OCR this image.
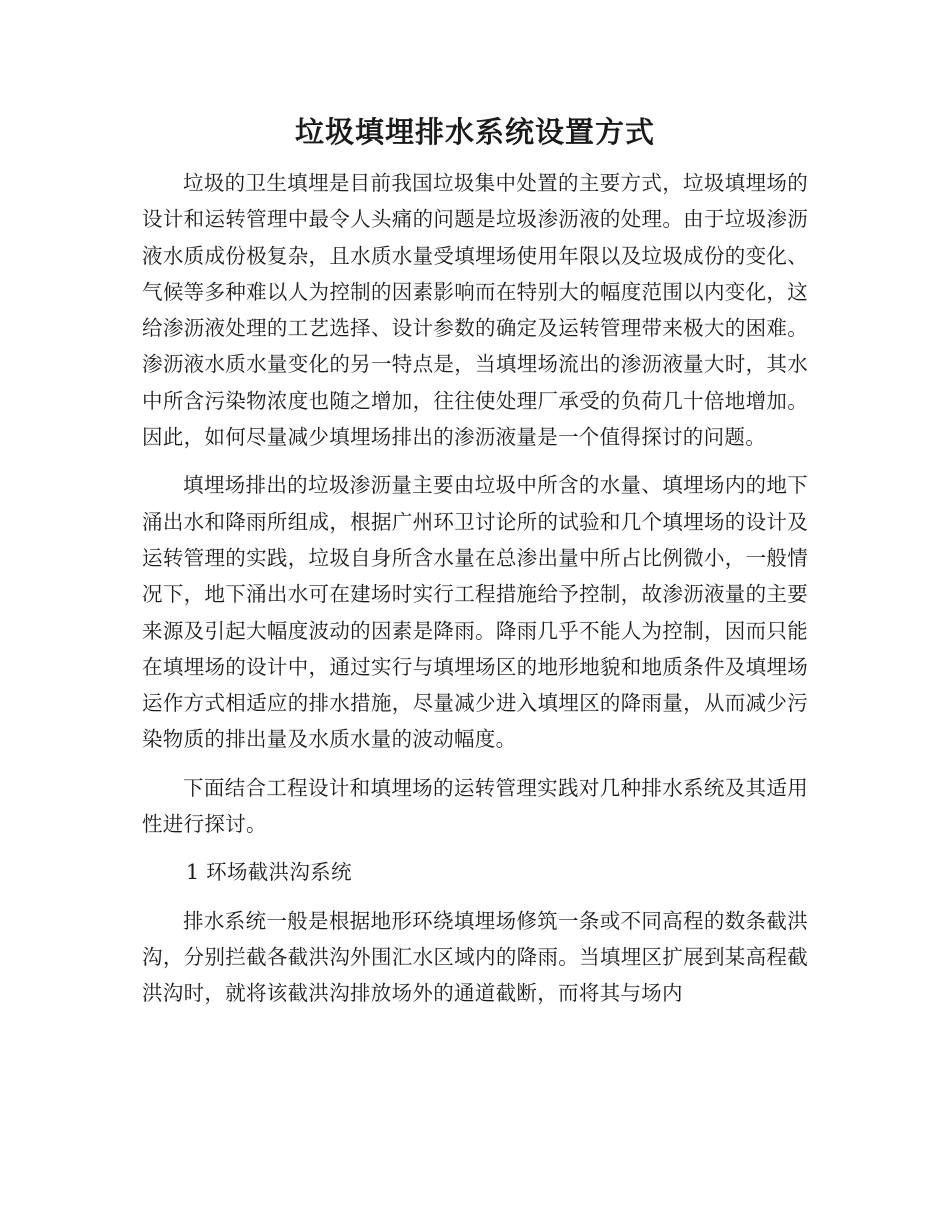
垃圾填埋排水系统设置方式

垃圾的卫生填埋是目前我国垃圾集中处置的主要方式，垃圾填埋场的设计和运转管理中最令人头痛的问题是垃圾渗沥液的处理。由于垃圾渗沥液水质成份极复杂，且水质水量受填埋场使用年限以及垃圾成份的变化、气候等多种难以人为控制的因素影响而在特别大的幅度范围以内变化，这给渗沥液处理的工艺选择、设计参数的确定及运转管理带来极大的困难。渗沥液水质水量变化的另一特点是，当填埋场流出的渗沥液量大时，其水中所含污染物浓度也随之增加，往往使处理厂承受的负荷几十倍地增加。因此，如何尽量减少填埋场排出的渗沥液量是一个值得探讨的问题。

填埋场排出的垃圾渗沥量主要由垃圾中所含的水量、填埋场内的地下涌出水和降雨所组成，根据广州环卫讨论所的试验和几个填埋场的设计及运转管理的实践，垃圾自身所含水量在总渗出量中所占比例微小，一般情况下，地下涌出水可在建场时实行工程措施给予控制，故渗沥液量的主要来源及引起大幅度波动的因素是降雨。降雨几乎不能人为控制，因而只能在填埋场的设计中，通过实行与填埋场区的地形地貌和地质条件及填埋场运作方式相适应的排水措施，尽量减少进入填埋区的降雨量，从而减少污染物质的排出量及水质水量的波动幅度。

下面结合工程设计和填埋场的运转管理实践对几种排水系统及其适用性进行探讨。

1 环场截洪沟系统

排水系统一般是根据地形环绕填埋场修筑一条或不同高程的数条截洪沟，分别拦截各截洪沟外围汇水区域内的降雨。当填埋区扩展到某高程截洪沟时，就将该截洪沟排放场外的通道截断，而将其与场内
